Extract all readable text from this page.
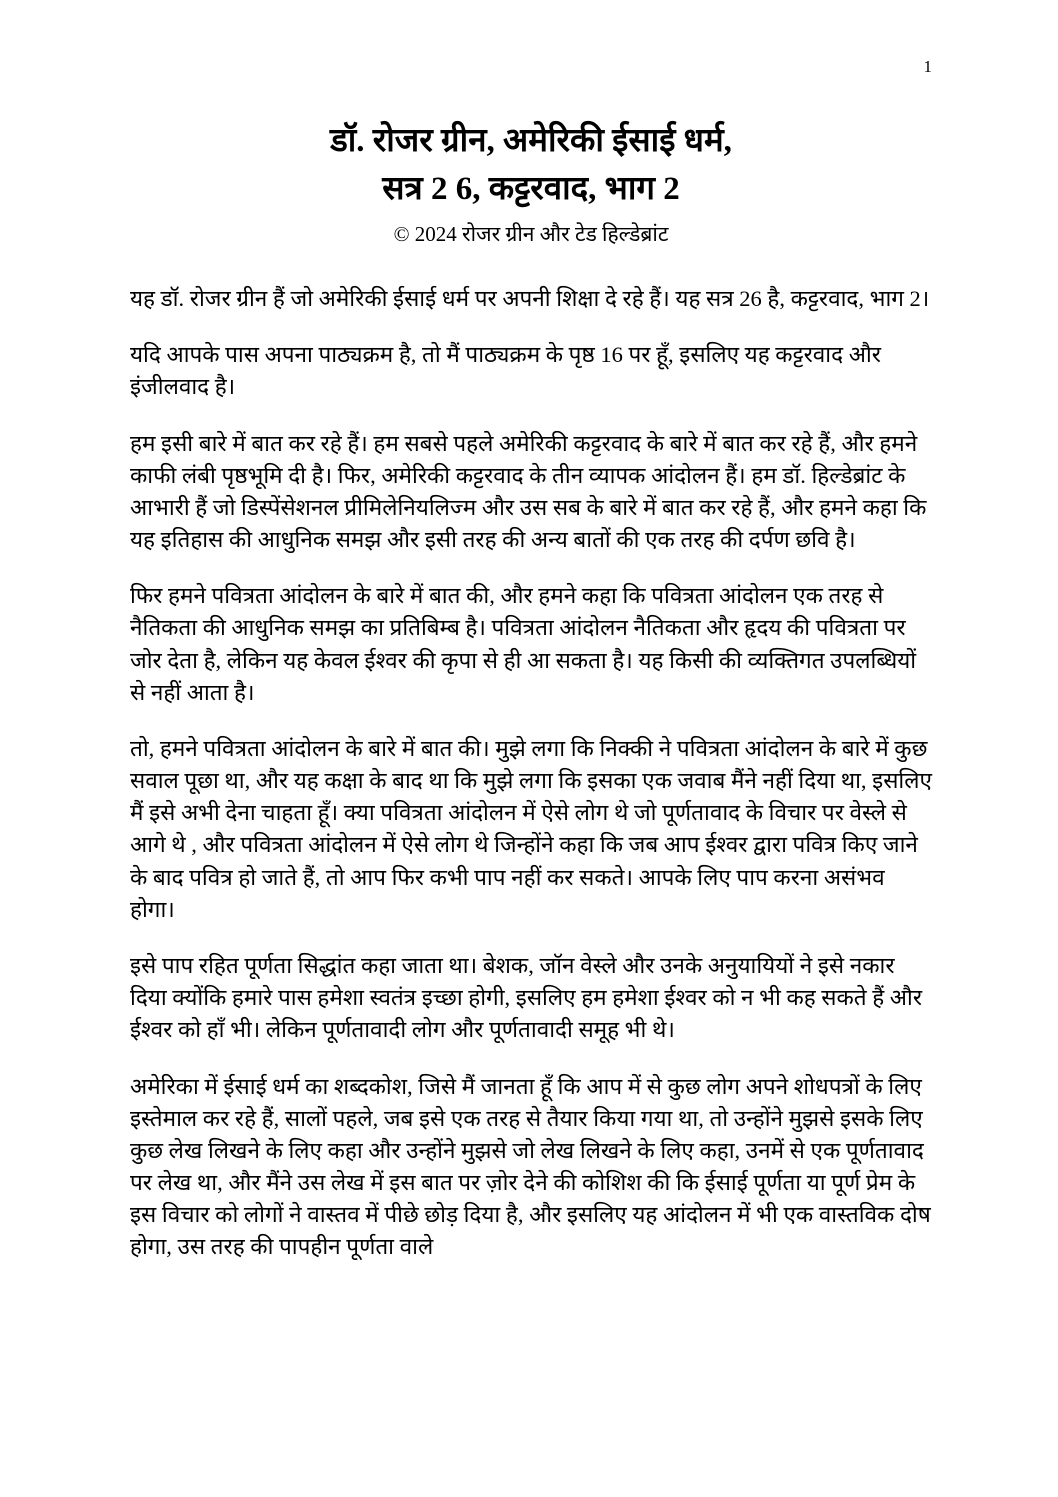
1
डॉ. रोजर ग्रीन, अमेरिकी ईसाई धर्म,
सत्र 2 6, कट्टरवाद, भाग 2
© 2024 रोजर ग्रीन और टेड हिल्डेब्रांट

यह डॉ. रोजर ग्रीन हैं जो अमेरिकी ईसाई धर्म पर अपनी शिक्षा दे रहे हैं। यह सत्र 26 है, कट्टरवाद, भाग 2।

यदि आपके पास अपना पाठ्यक्रम है, तो मैं पाठ्यक्रम के पृष्ठ 16 पर हूँ, इसलिए यह कट्टरवाद और इंजीलवाद है।

हम इसी बारे में बात कर रहे हैं। हम सबसे पहले अमेरिकी कट्टरवाद के बारे में बात कर रहे हैं, और हमने काफी लंबी पृष्ठभूमि दी है। फिर, अमेरिकी कट्टरवाद के तीन व्यापक आंदोलन हैं। हम डॉ. हिल्डेब्रांट के आभारी हैं जो डिस्पेंसेशनल प्रीमिलेनियलिज्म और उस सब के बारे में बात कर रहे हैं, और हमने कहा कि यह इतिहास की आधुनिक समझ और इसी तरह की अन्य बातों की एक तरह की दर्पण छवि है।

फिर हमने पवित्रता आंदोलन के बारे में बात की, और हमने कहा कि पवित्रता आंदोलन एक तरह से नैतिकता की आधुनिक समझ का प्रतिबिम्ब है। पवित्रता आंदोलन नैतिकता और हृदय की पवित्रता पर जोर देता है, लेकिन यह केवल ईश्वर की कृपा से ही आ सकता है। यह किसी की व्यक्तिगत उपलब्धियों से नहीं आता है।

तो, हमने पवित्रता आंदोलन के बारे में बात की। मुझे लगा कि निक्की ने पवित्रता आंदोलन के बारे में कुछ सवाल पूछा था, और यह कक्षा के बाद था कि मुझे लगा कि इसका एक जवाब मैंने नहीं दिया था, इसलिए मैं इसे अभी देना चाहता हूँ। क्या पवित्रता आंदोलन में ऐसे लोग थे जो पूर्णतावाद के विचार पर वेस्ले से आगे थे , और पवित्रता आंदोलन में ऐसे लोग थे जिन्होंने कहा कि जब आप ईश्वर द्वारा पवित्र किए जाने के बाद पवित्र हो जाते हैं, तो आप फिर कभी पाप नहीं कर सकते। आपके लिए पाप करना असंभव होगा।

इसे पाप रहित पूर्णता सिद्धांत कहा जाता था। बेशक, जॉन वेस्ले और उनके अनुयायियों ने इसे नकार दिया क्योंकि हमारे पास हमेशा स्वतंत्र इच्छा होगी, इसलिए हम हमेशा ईश्वर को न भी कह सकते हैं और ईश्वर को हाँ भी। लेकिन पूर्णतावादी लोग और पूर्णतावादी समूह भी थे।

अमेरिका में ईसाई धर्म का शब्दकोश, जिसे मैं जानता हूँ कि आप में से कुछ लोग अपने शोधपत्रों के लिए इस्तेमाल कर रहे हैं, सालों पहले, जब इसे एक तरह से तैयार किया गया था, तो उन्होंने मुझसे इसके लिए कुछ लेख लिखने के लिए कहा और उन्होंने मुझसे जो लेख लिखने के लिए कहा, उनमें से एक पूर्णतावाद पर लेख था, और मैंने उस लेख में इस बात पर ज़ोर देने की कोशिश की कि ईसाई पूर्णता या पूर्ण प्रेम के इस विचार को लोगों ने वास्तव में पीछे छोड़ दिया है, और इसलिए यह आंदोलन में भी एक वास्तविक दोष होगा, उस तरह की पापहीन पूर्णता वाले
